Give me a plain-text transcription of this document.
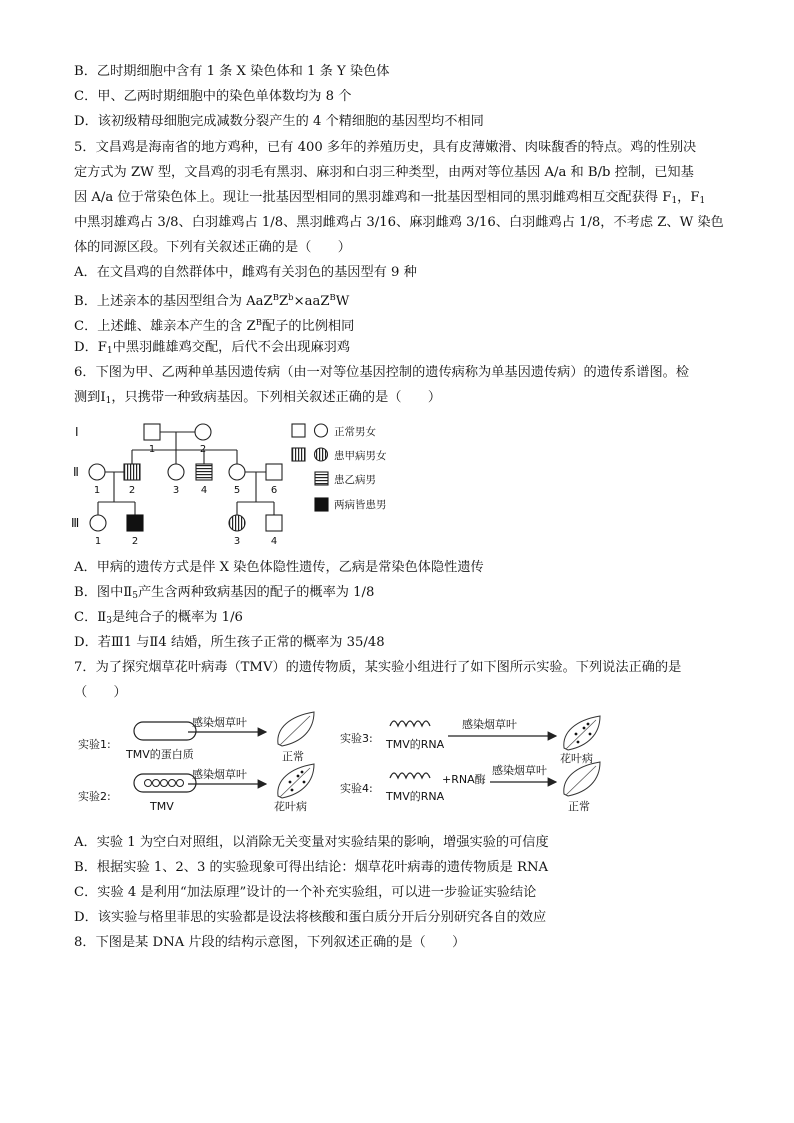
B．乙时期细胞中含有 1 条 X 染色体和 1 条 Y 染色体
C．甲、乙两时期细胞中的染色单体数均为 8 个
D．该初级精母细胞完成减数分裂产生的 4 个精细胞的基因型均不相同
5．文昌鸡是海南省的地方鸡种，已有 400 多年的养殖历史，具有皮薄嫩滑、肉味馥香的特点。鸡的性别决
定方式为 ZW 型，文昌鸡的羽毛有黑羽、麻羽和白羽三种类型，由两对等位基因 A/a 和 B/b 控制，已知基
因 A/a 位于常染色体上。现让一批基因型相同的黑羽雄鸡和一批基因型相同的黑羽雌鸡相互交配获得 $F_1$，$F_1$
中黑羽雄鸡占 3/8、白羽雄鸡占 1/8、黑羽雌鸡占 3/16、麻羽雌鸡 3/16、白羽雌鸡占 1/8，不考虑 Z、W 染色
体的同源区段。下列有关叙述正确的是（　　）
A．在文昌鸡的自然群体中，雌鸡有关羽色的基因型有 9 种
B．上述亲本的基因型组合为 $AaZ^BZ^b\times aaZ^BW$
C．上述雌、雄亲本产生的含 $Z^B$配子的比例相同
D．$F_1$中黑羽雌雄鸡交配，后代不会出现麻羽鸡
6．下图为甲、乙两种单基因遗传病（由一对等位基因控制的遗传病称为单基因遗传病）的遗传系谱图。检
测到$Ⅰ_1$，只携带一种致病基因。下列相关叙述正确的是（　　）
Ⅰ
Ⅱ
Ⅲ
1	2
1	2	3 4	5	6
1	2	3	4
正常男女
患甲病男女
患乙病男
两病皆患男
A．甲病的遗传方式是伴 X 染色体隐性遗传，乙病是常染色体隐性遗传
B．图中$Ⅱ_5$产生含两种致病基因的配子的概率为 1/8
C．$Ⅱ_3$是纯合子的概率为 1/6
D．若Ⅲ1 与Ⅱ4 结婚，所生孩子正常的概率为 35/48
7．为了探究烟草花叶病毒（TMV）的遗传物质，某实验小组进行了如下图所示实验。下列说法正确的是
（　　）
实验1:
实验2:
实验3:
实验4:
TMV的蛋白质
感染烟草叶
正常
TMV
感染烟草叶
花叶病
TMV的RNA
感染烟草叶
花叶病
+RNA酶
TMV的RNA
感染烟草叶
正常
A．实验 1 为空白对照组，以消除无关变量对实验结果的影响，增强实验的可信度
B．根据实验 1、2、3 的实验现象可得出结论：烟草花叶病毒的遗传物质是 RNA
C．实验 4 是利用“加法原理”设计的一个补充实验组，可以进一步验证实验结论
D．该实验与格里菲思的实验都是设法将核酸和蛋白质分开后分别研究各自的效应
8．下图是某 DNA 片段的结构示意图，下列叙述正确的是（　　）
